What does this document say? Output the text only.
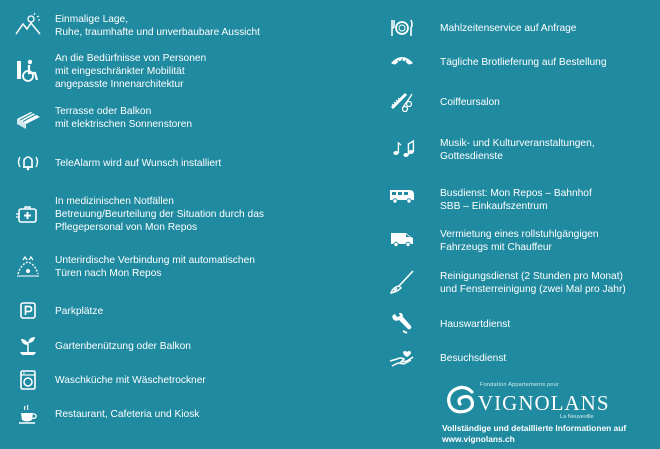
Einmalige Lage,
Ruhe, traumhafte und unverbaubare Aussicht
An die Bedürfnisse von Personen
mit eingeschränkter Mobilität
angepasste Innenarchitektur
Terrasse oder Balkon
mit elektrischen Sonnenstoren
TeleAlarm wird auf Wunsch installiert
In medizinischen Notfällen
Betreuung/Beurteilung der Situation durch das
Pflegepersonal von Mon Repos
Unterirdische Verbindung mit automatischen
Türen nach Mon Repos
Parkplätze
Gartenbenützung oder Balkon
Waschküche mit Wäschetrockner
Restaurant, Cafeteria und Kiosk
Mahlzeitenservice auf Anfrage
Tägliche Brotlieferung auf Bestellung
Coiffeursalon
Musik- und Kulturveranstaltungen,
Gottesdienste
Busdienst: Mon Repos – Bahnhof
SBB – Einkaufszentrum
Vermietung eines rollstuhlgängigen
Fahrzeugs mit Chauffeur
Reinigungsdienst (2 Stunden pro Monat)
und Fensterreinigung (zwei Mal pro Jahr)
Hauswartdienst
Besuchsdienst
Fondation Appartements pour
VIGNOLANS
La Neuveville
Vollständige und detaillierte Informationen auf
www.vignolans.ch
